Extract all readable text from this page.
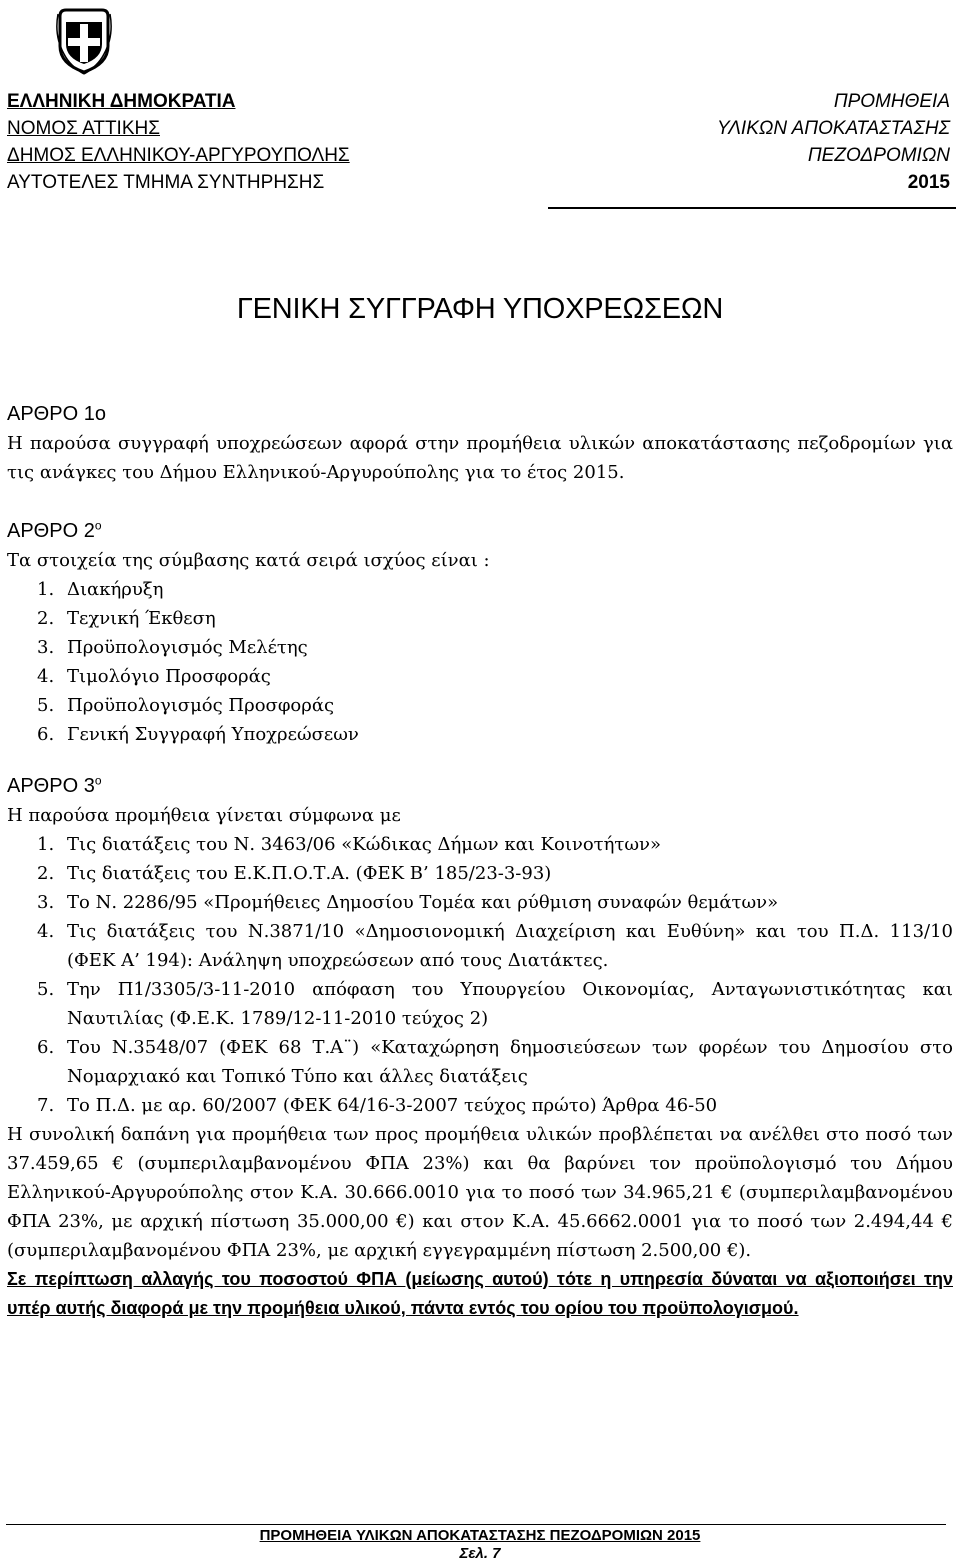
ΕΛΛΗΝΙΚΗ ΔΗΜΟΚΡΑΤΙΑ
ΝΟΜΟΣ ΑΤΤΙΚΗΣ
ΔΗΜΟΣ ΕΛΛΗΝΙΚΟΥ-ΑΡΓΥΡΟΥΠΟΛΗΣ
ΑΥΤΟΤΕΛΕΣ ΤΜΗΜΑ ΣΥΝΤΗΡΗΣΗΣ
ΠΡΟΜΗΘΕΙΑ
ΥΛΙΚΩΝ ΑΠΟΚΑΤΑΣΤΑΣΗΣ
ΠΕΖΟΔΡΟΜΙΩΝ
2015
ΓΕΝΙΚΗ ΣΥΓΓΡΑΦΗ ΥΠΟΧΡΕΩΣΕΩΝ
ΑΡΘΡΟ 1ο

Η παρούσα συγγραφή υποχρεώσεων αφορά στην προμήθεια υλικών αποκατάστασης πεζοδρομίων για τις ανάγκες του Δήμου Ελληνικού-Αργυρούπολης για το έτος 2015.

ΑΡΘΡΟ $2^o$

Τα στοιχεία της σύμβασης κατά σειρά ισχύος είναι :

1. Διακήρυξη
2. Τεχνική Έκθεση
3. Προϋπολογισμός Μελέτης
4. Τιμολόγιο Προσφοράς
5. Προϋπολογισμός Προσφοράς
6. Γενική Συγγραφή Υποχρεώσεων
ΑΡΘΡΟ $3^o$

Η παρούσα προμήθεια γίνεται σύμφωνα με

1. Τις διατάξεις του Ν. 3463/06 «Κώδικας Δήμων και Κοινοτήτων»
2. Τις διατάξεις του Ε.Κ.Π.Ο.Τ.Α. (ΦΕΚ Β’ 185/23-3-93)
3. Το Ν. 2286/95 «Προμήθειες Δημοσίου Τομέα και ρύθμιση συναφών θεμάτων»
4. Τις διατάξεις του Ν.3871/10 «Δημοσιονομική Διαχείριση και Ευθύνη» και του Π.Δ. 113/10 (ΦΕΚ Α’ 194): Ανάληψη υποχρεώσεων από τους Διατάκτες.
5. Την Π1/3305/3-11-2010 απόφαση του Υπουργείου Οικονομίας, Ανταγωνιστικότητας και Ναυτιλίας (Φ.Ε.Κ. 1789/12-11-2010 τεύχος 2)
6. Του Ν.3548/07 (ΦΕΚ 68 Τ.Α¨) «Καταχώρηση δημοσιεύσεων των φορέων του Δημοσίου στο Νομαρχιακό και Τοπικό Τύπο και άλλες διατάξεις
7. Το Π.Δ. με αρ. 60/2007 (ΦΕΚ 64/16-3-2007 τεύχος πρώτο) Άρθρα 46-50

Η συνολική δαπάνη για προμήθεια των προς προμήθεια υλικών προβλέπεται να ανέλθει στο ποσό των 37.459,65 € (συμπεριλαμβανομένου ΦΠΑ 23%) και θα βαρύνει τον προϋπολογισμό του Δήμου Ελληνικού-Αργυρούπολης στον Κ.Α. 30.666.0010 για το ποσό των 34.965,21 € (συμπεριλαμβανομένου ΦΠΑ 23%, με αρχική πίστωση 35.000,00 €) και στον Κ.Α. 45.6662.0001 για το ποσό των 2.494,44 € (συμπεριλαμβανομένου ΦΠΑ 23%, με αρχική εγγεγραμμένη πίστωση 2.500,00 €).

Σε περίπτωση αλλαγής του ποσοστού ΦΠΑ (μείωσης αυτού) τότε η υπηρεσία δύναται να αξιοποιήσει την υπέρ αυτής διαφορά με την προμήθεια υλικού, πάντα εντός του ορίου του προϋπολογισμού.

ΠΡΟΜΗΘΕΙΑ ΥΛΙΚΩΝ ΑΠΟΚΑΤΑΣΤΑΣΗΣ ΠΕΖΟΔΡΟΜΙΩΝ 2015
Σελ. 7
